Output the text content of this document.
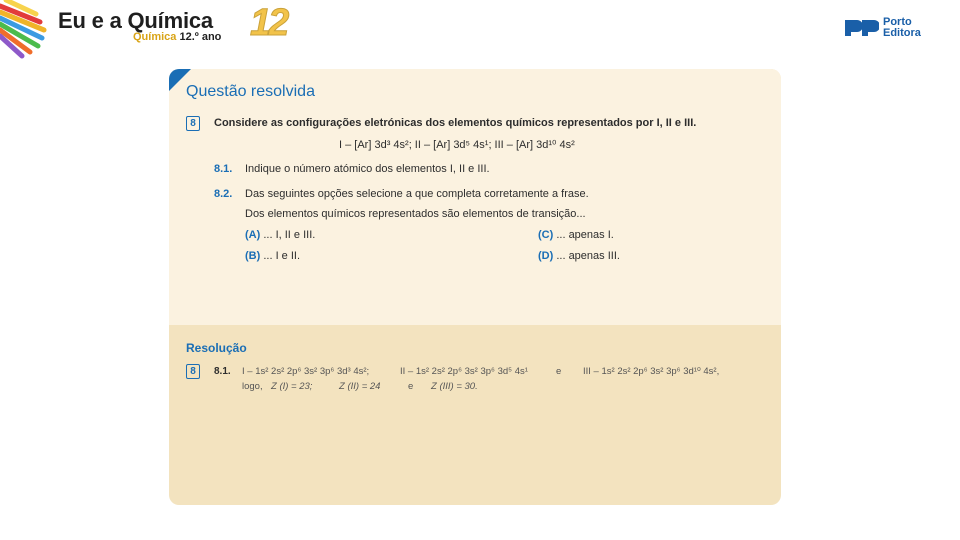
Eu e a Química
Química 12.º ano 12	Porto
Editora
Questão resolvida
8	Considere as configurações eletrónicas dos elementos químicos representados por I, II e III.
I – [Ar] 3d³ 4s²; II – [Ar] 3d⁵ 4s¹; III – [Ar] 3d¹⁰ 4s²
8.1. Indique o número atómico dos elementos I, II e III.
8.2. Das seguintes opções selecione a que completa corretamente a frase.
Dos elementos químicos representados são elementos de transição...
(A) ... I, II e III.
(B) ... I e II.
(C) ... apenas I.
(D) ... apenas III.
Resolução
8	8.1. I – 1s² 2s² 2p⁶ 3s² 3p⁶ 3d³ 4s²;	II – 1s² 2s² 2p⁶ 3s² 3p⁶ 3d⁵ 4s¹	e III – 1s² 2s² 2p⁶ 3s² 3p⁶ 3d¹⁰ 4s²,
logo, Z (I) = 23;	Z (II) = 24	e Z (III) = 30.
